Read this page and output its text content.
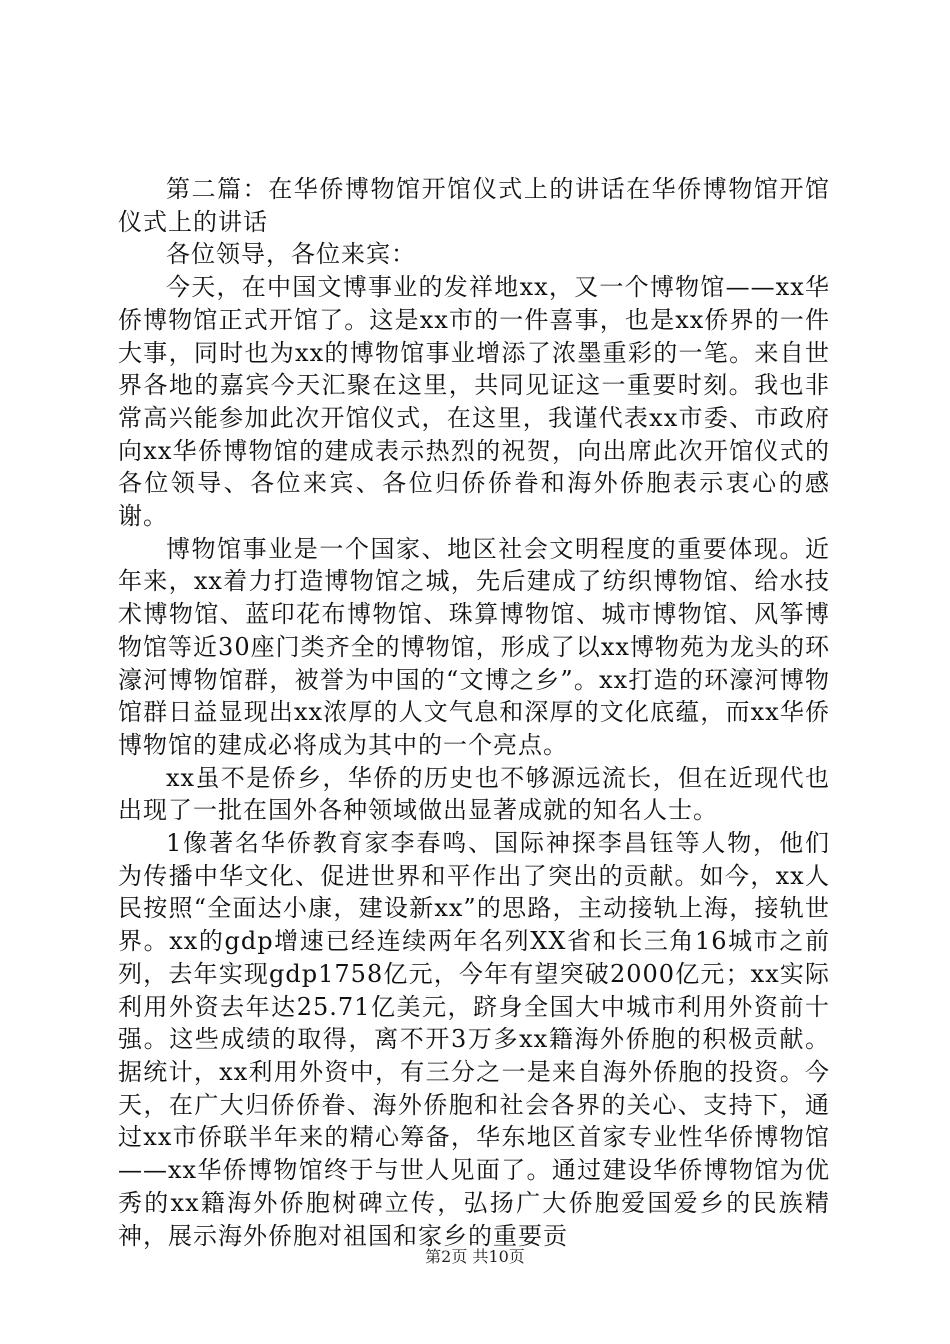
第二篇：在华侨博物馆开馆仪式上的讲话在华侨博物馆开馆仪式上的讲话

各位领导，各位来宾：

今天，在中国文博事业的发祥地xx，又一个博物馆——xx华侨博物馆正式开馆了。这是xx市的一件喜事，也是xx侨界的一件大事，同时也为xx的博物馆事业增添了浓墨重彩的一笔。来自世界各地的嘉宾今天汇聚在这里，共同见证这一重要时刻。我也非常高兴能参加此次开馆仪式，在这里，我谨代表xx市委、市政府向xx华侨博物馆的建成表示热烈的祝贺，向出席此次开馆仪式的各位领导、各位来宾、各位归侨侨眷和海外侨胞表示衷心的感谢。

博物馆事业是一个国家、地区社会文明程度的重要体现。近年来，xx着力打造博物馆之城，先后建成了纺织博物馆、给水技术博物馆、蓝印花布博物馆、珠算博物馆、城市博物馆、风筝博物馆等近30座门类齐全的博物馆，形成了以xx博物苑为龙头的环濠河博物馆群，被誉为中国的“文博之乡”。xx打造的环濠河博物馆群日益显现出xx浓厚的人文气息和深厚的文化底蕴，而xx华侨博物馆的建成必将成为其中的一个亮点。

xx虽不是侨乡，华侨的历史也不够源远流长，但在近现代也出现了一批在国外各种领域做出显著成就的知名人士。

1像著名华侨教育家李春鸣、国际神探李昌钰等人物，他们为传播中华文化、促进世界和平作出了突出的贡献。如今，xx人民按照“全面达小康，建设新xx”的思路，主动接轨上海，接轨世界。xx的gdp增速已经连续两年名列XX省和长三角16城市之前列，去年实现gdp1758亿元，今年有望突破2000亿元；xx实际利用外资去年达25.71亿美元，跻身全国大中城市利用外资前十强。这些成绩的取得，离不开3万多xx籍海外侨胞的积极贡献。据统计，xx利用外资中，有三分之一是来自海外侨胞的投资。今天，在广大归侨侨眷、海外侨胞和社会各界的关心、支持下，通过xx市侨联半年来的精心筹备，华东地区首家专业性华侨博物馆——xx华侨博物馆终于与世人见面了。通过建设华侨博物馆为优秀的xx籍海外侨胞树碑立传，弘扬广大侨胞爱国爱乡的民族精神，展示海外侨胞对祖国和家乡的重要贡

第2页 共10页
